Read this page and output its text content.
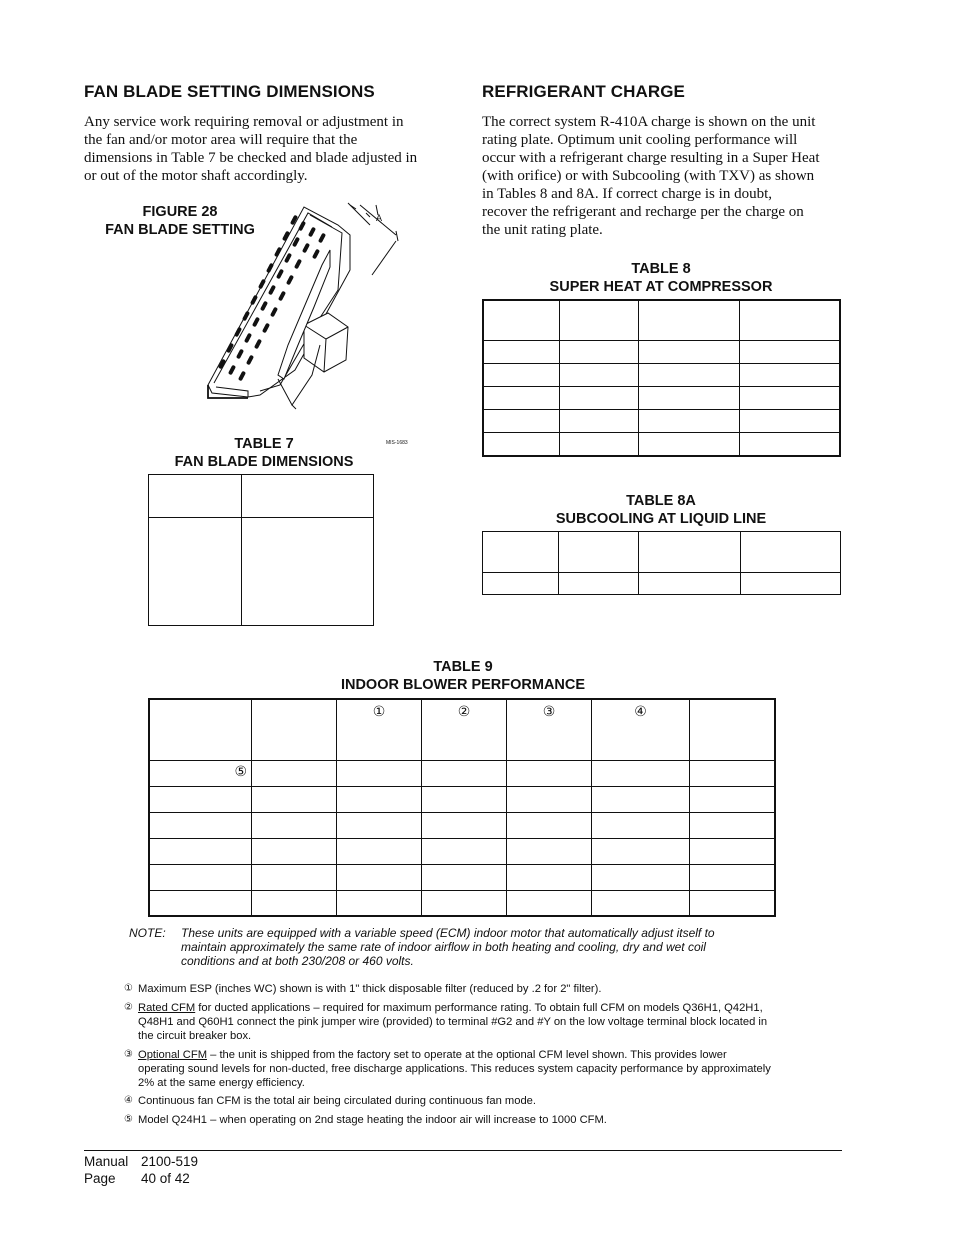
FAN BLADE SETTING DIMENSIONS

Any service work requiring removal or adjustment in

the fan and/or motor area will require that the

dimensions in Table 7 be checked and blade adjusted in

or out of the motor shaft accordingly.

FIGURE 28
FAN BLADE SETTING
A
MIS-1683
TABLE 7
FAN BLADE DIMENSIONS

REFRIGERANT CHARGE

The correct system R-410A charge is shown on the unit

rating plate. Optimum unit cooling performance will

occur with a refrigerant charge resulting in a Super Heat

(with orifice) or with Subcooling (with TXV) as shown

in Tables 8 and 8A. If correct charge is in doubt,

recover the refrigerant and recharge per the charge on

the unit rating plate.

TABLE 8
SUPER HEAT AT COMPRESSOR

TABLE 8A
SUBCOOLING AT LIQUID LINE

TABLE 9
INDOOR BLOWER PERFORMANCE

		①	②	③	④	

⑤						

NOTE: These units are equipped with a variable speed (ECM) indoor motor that automatically adjust itself to
maintain approximately the same rate of indoor airflow in both heating and cooling, dry and wet coil
conditions and at both 230/208 or 460 volts.
① Maximum ESP (inches WC) shown is with 1" thick disposable filter (reduced by .2 for 2" filter).
② Rated CFM for ducted applications – required for maximum performance rating. To obtain full CFM on models Q36H1, Q42H1,
Q48H1 and Q60H1 connect the pink jumper wire (provided) to terminal #G2 and #Y on the low voltage terminal block located in
the circuit breaker box.
③ Optional CFM – the unit is shipped from the factory set to operate at the optional CFM level shown. This provides lower
operating sound levels for non-ducted, free discharge applications. This reduces system capacity performance by approximately
2% at the same energy efficiency.
④ Continuous fan CFM is the total air being circulated during continuous fan mode.
⑤ Model Q24H1 – when operating on 2nd stage heating the indoor air will increase to 1000 CFM.
Manual 2100-519
Page 40 of 42
